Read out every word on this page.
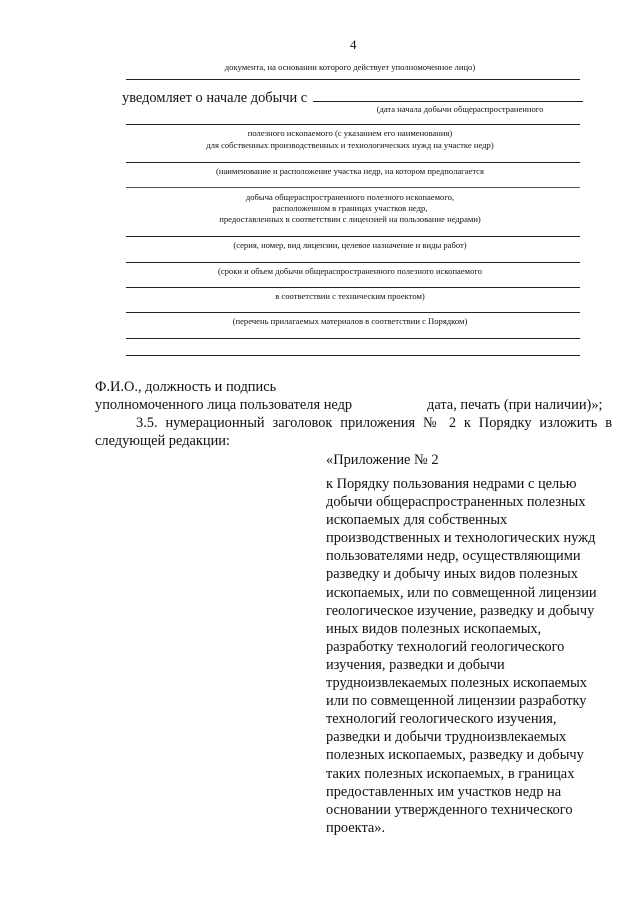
4
документа, на основании которого действует уполномоченное лицо)
уведомляет о начале добычи с
(дата начала добычи общераспространенного
полезного ископаемого (с указанием его наименования)
для собственных производственных и технологических нужд на участке недр)
(наименование и расположение участка недр, на котором предполагается
добыча общераспространенного полезного ископаемого,
расположенном в границах участков недр,
предоставленных в соответствии с лицензией на пользование недрами)
(серия, номер, вид лицензии, целевое назначение и виды работ)
(сроки и объем добычи общераспространенного полезного ископаемого
в соответствии с техническим проектом)
(перечень прилагаемых материалов в соответствии с Порядком)
Ф.И.О., должность и подпись
уполномоченного лица пользователя недр	дата, печать (при наличии)»;
3.5. нумерационный заголовок приложения № 2 к Порядку изложить в
следующей редакции:
«Приложение № 2
к Порядку пользования недрами с целью
добычи общераспространенных полезных
ископаемых для собственных
производственных и технологических нужд
пользователями недр, осуществляющими
разведку и добычу иных видов полезных
ископаемых, или по совмещенной лицензии
геологическое изучение, разведку и добычу
иных видов полезных ископаемых,
разработку технологий геологического
изучения, разведки и добычи
трудноизвлекаемых полезных ископаемых
или по совмещенной лицензии разработку
технологий геологического изучения,
разведки и добычи трудноизвлекаемых
полезных ископаемых, разведку и добычу
таких полезных ископаемых, в границах
предоставленных им участков недр на
основании утвержденного технического
проекта».
